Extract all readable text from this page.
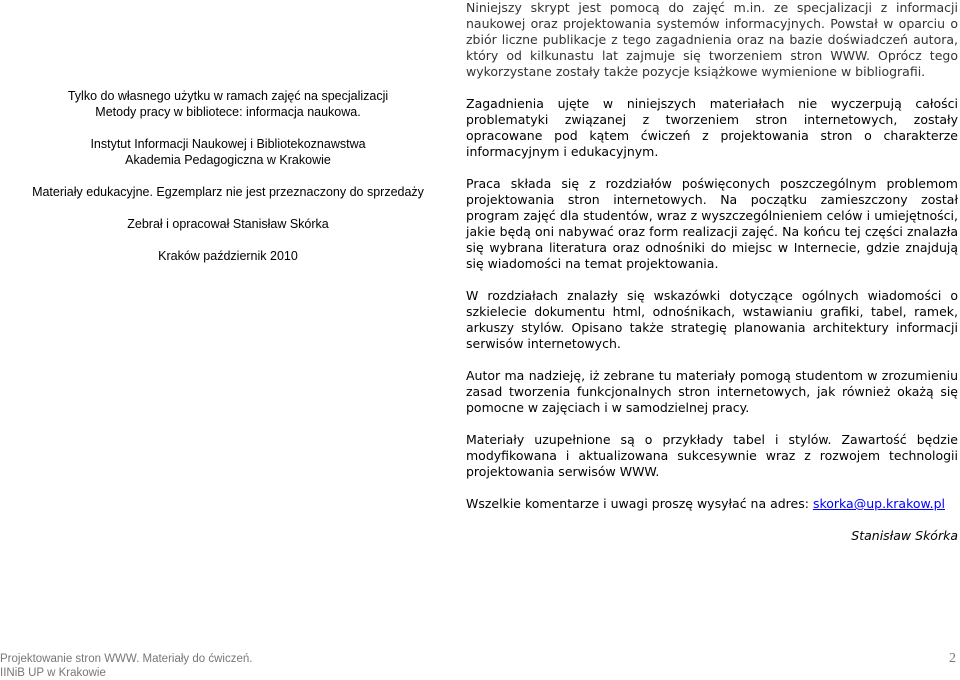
Tylko do własnego użytku w ramach zajęć na specjalizacji

Metody pracy w bibliotece: informacja naukowa.

Instytut Informacji Naukowej i Bibliotekoznawstwa

Akademia Pedagogiczna w Krakowie

Materiały edukacyjne. Egzemplarz nie jest przeznaczony do sprzedaży

Zebrał i opracował Stanisław Skórka

Kraków październik 2010

Niniejszy skrypt jest pomocą do zajęć m.in. ze specjalizacji z informacji naukowej oraz projektowania systemów informacyjnych. Powstał w oparciu o zbiór liczne publikacje z tego zagadnienia oraz na bazie doświadczeń autora, który od kilkunastu lat zajmuje się tworzeniem stron WWW. Oprócz tego wykorzystane zostały także pozycje książkowe wymienione w bibliografii.

Zagadnienia ujęte w niniejszych materiałach nie wyczerpują całości problematyki związanej z tworzeniem stron internetowych, zostały opracowane pod kątem ćwiczeń z projektowania stron o charakterze informacyjnym i edukacyjnym.

Praca składa się z rozdziałów poświęconych poszczególnym problemom projektowania stron internetowych. Na początku zamieszczony został program zajęć dla studentów, wraz z wyszczególnieniem celów i umiejętności, jakie będą oni nabywać oraz form realizacji zajęć. Na końcu tej części znalazła się wybrana literatura oraz odnośniki do miejsc w Internecie, gdzie znajdują się wiadomości na temat projektowania.

W rozdziałach znalazły się wskazówki dotyczące ogólnych wiadomości o szkielecie dokumentu html, odnośnikach, wstawianiu grafiki, tabel, ramek, arkuszy stylów. Opisano także strategię planowania architektury informacji serwisów internetowych.

Autor ma nadzieję, iż zebrane tu materiały pomogą studentom w zrozumieniu zasad tworzenia funkcjonalnych stron internetowych, jak również okażą się pomocne w zajęciach i w samodzielnej pracy.

Materiały uzupełnione są o przykłady tabel i stylów. Zawartość będzie modyfikowana i aktualizowana sukcesywnie wraz z rozwojem technologii projektowania serwisów WWW.

Wszelkie komentarze i uwagi proszę wysyłać na adres: skorka@up.krakow.pl

Stanisław Skórka

Projektowanie stron WWW. Materiały do ćwiczeń.
IINiB UP w Krakowie
2
